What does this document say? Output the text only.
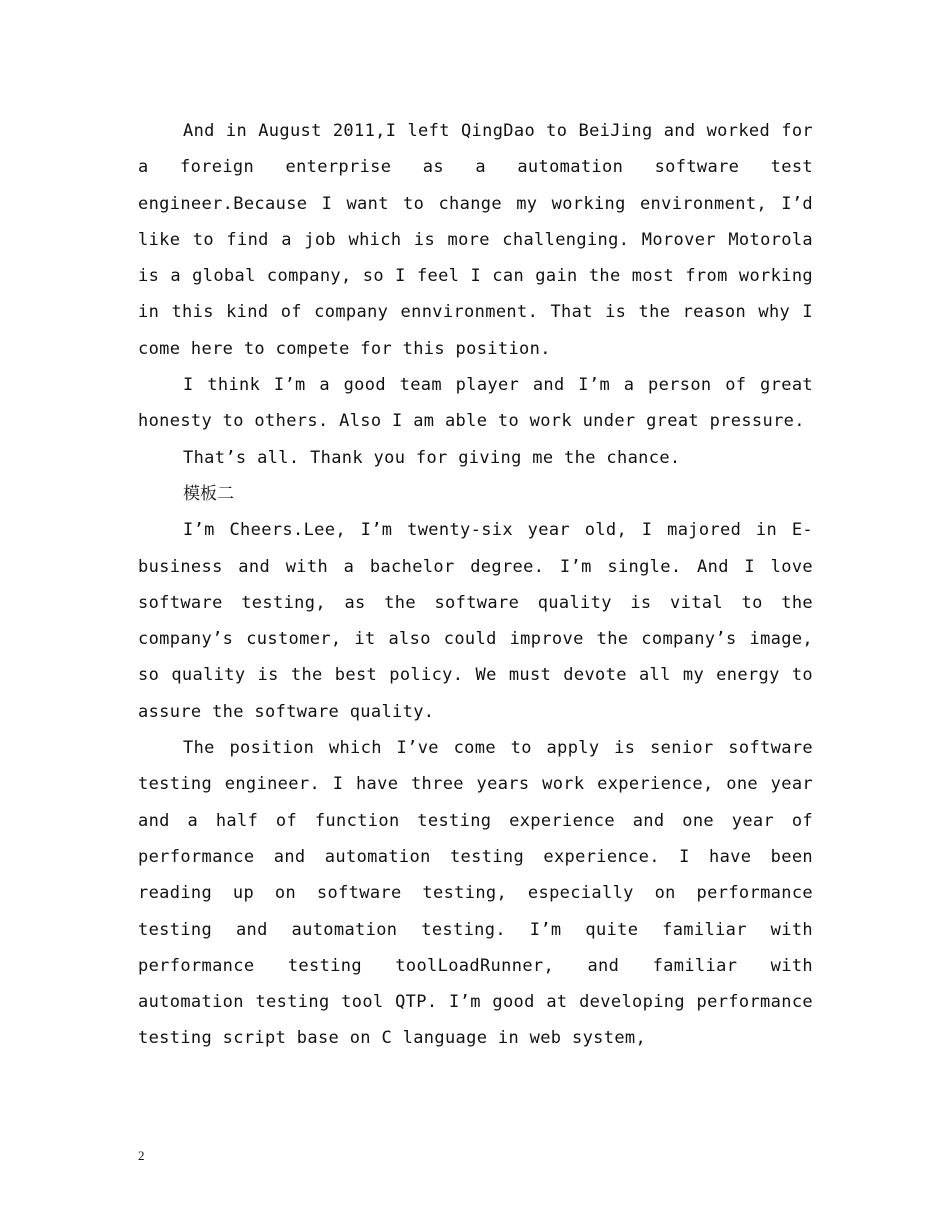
And in August 2011,I left QingDao to BeiJing and worked for a foreign enterprise as a automation software test engineer.Because I want to change my working environment, I’d like to find a job which is more challenging. Morover Motorola is a global company, so I feel I can gain the most from working in this kind of company ennvironment. That is the reason why I come here to compete for this position.

I think I’m a good team player and I’m a person of great honesty to others. Also I am able to work under great pressure.

That’s all. Thank you for giving me the chance.

模板二

I’m Cheers.Lee, I’m twenty-six year old, I majored in E-business and with a bachelor degree. I’m single. And I love software testing, as the software quality is vital to the company’s customer, it also could improve the company’s image, so quality is the best policy. We must devote all my energy to assure the software quality.

The position which I’ve come to apply is senior software testing engineer. I have three years work experience, one year and a half of function testing experience and one year of performance and automation testing experience. I have been reading up on software testing, especially on performance testing and automation testing. I’m quite familiar with performance testing toolLoadRunner, and familiar with automation testing tool QTP. I’m good at developing performance testing script base on C language in web system,

2
